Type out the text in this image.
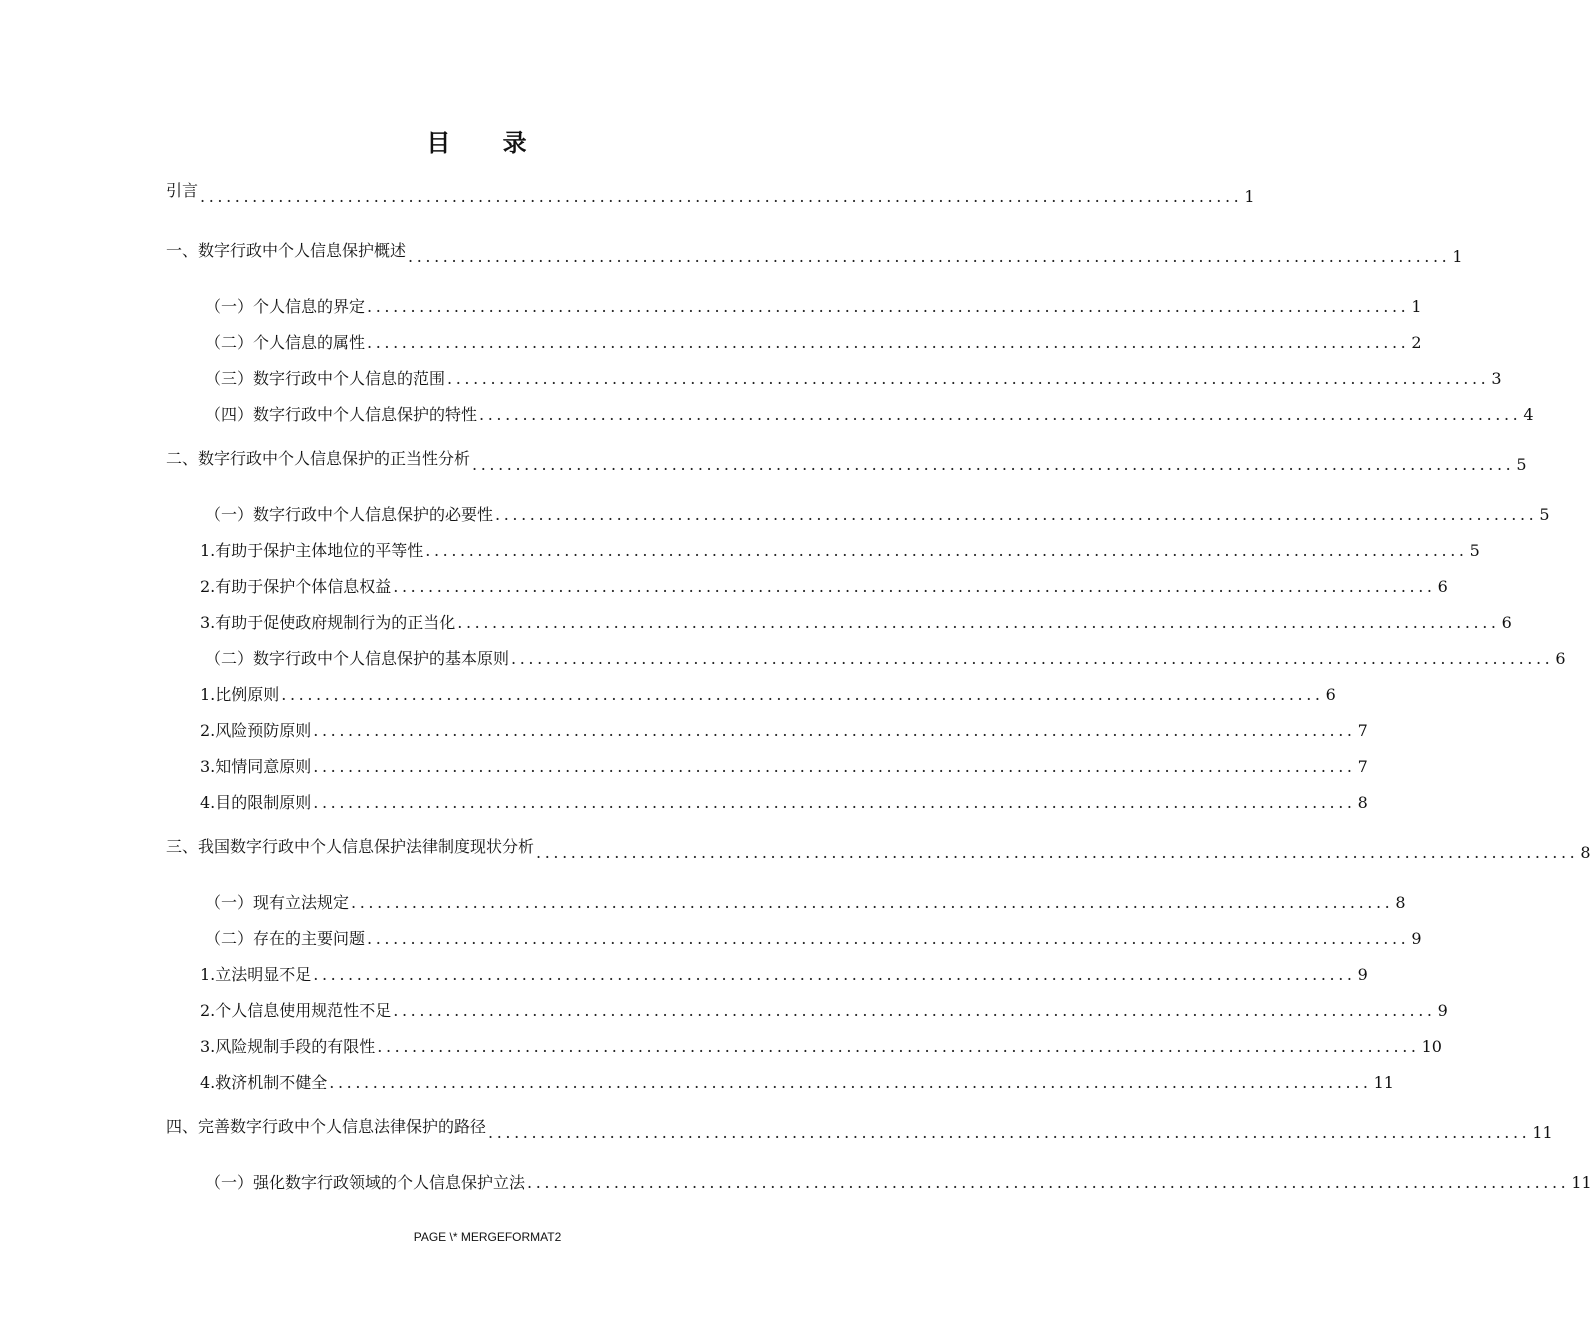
目 录
引言 ........................................................................................................................ 1
一、数字行政中个人信息保护概述 ........................................................................................................................ 1
（一）个人信息的界定 ........................................................................................................................ 1
（二）个人信息的属性 ........................................................................................................................ 2
（三）数字行政中个人信息的范围 ........................................................................................................................ 3
（四）数字行政中个人信息保护的特性 ........................................................................................................................ 4
二、数字行政中个人信息保护的正当性分析 ........................................................................................................................ 5
（一）数字行政中个人信息保护的必要性 ........................................................................................................................ 5
1.有助于保护主体地位的平等性 ........................................................................................................................ 5
2.有助于保护个体信息权益 ........................................................................................................................ 6
3.有助于促使政府规制行为的正当化 ........................................................................................................................ 6
（二）数字行政中个人信息保护的基本原则 ........................................................................................................................ 6
1.比例原则 ........................................................................................................................ 6
2.风险预防原则 ........................................................................................................................ 7
3.知情同意原则 ........................................................................................................................ 7
4.目的限制原则 ........................................................................................................................ 8
三、我国数字行政中个人信息保护法律制度现状分析 ........................................................................................................................ 8
（一）现有立法规定 ........................................................................................................................ 8
（二）存在的主要问题 ........................................................................................................................ 9
1.立法明显不足 ........................................................................................................................ 9
2.个人信息使用规范性不足 ........................................................................................................................ 9
3.风险规制手段的有限性 ........................................................................................................................ 10
4.救济机制不健全 ........................................................................................................................ 11
四、完善数字行政中个人信息法律保护的路径 ........................................................................................................................ 11
（一）强化数字行政领域的个人信息保护立法 ........................................................................................................................ 11
PAGE \* MERGEFORMAT2
